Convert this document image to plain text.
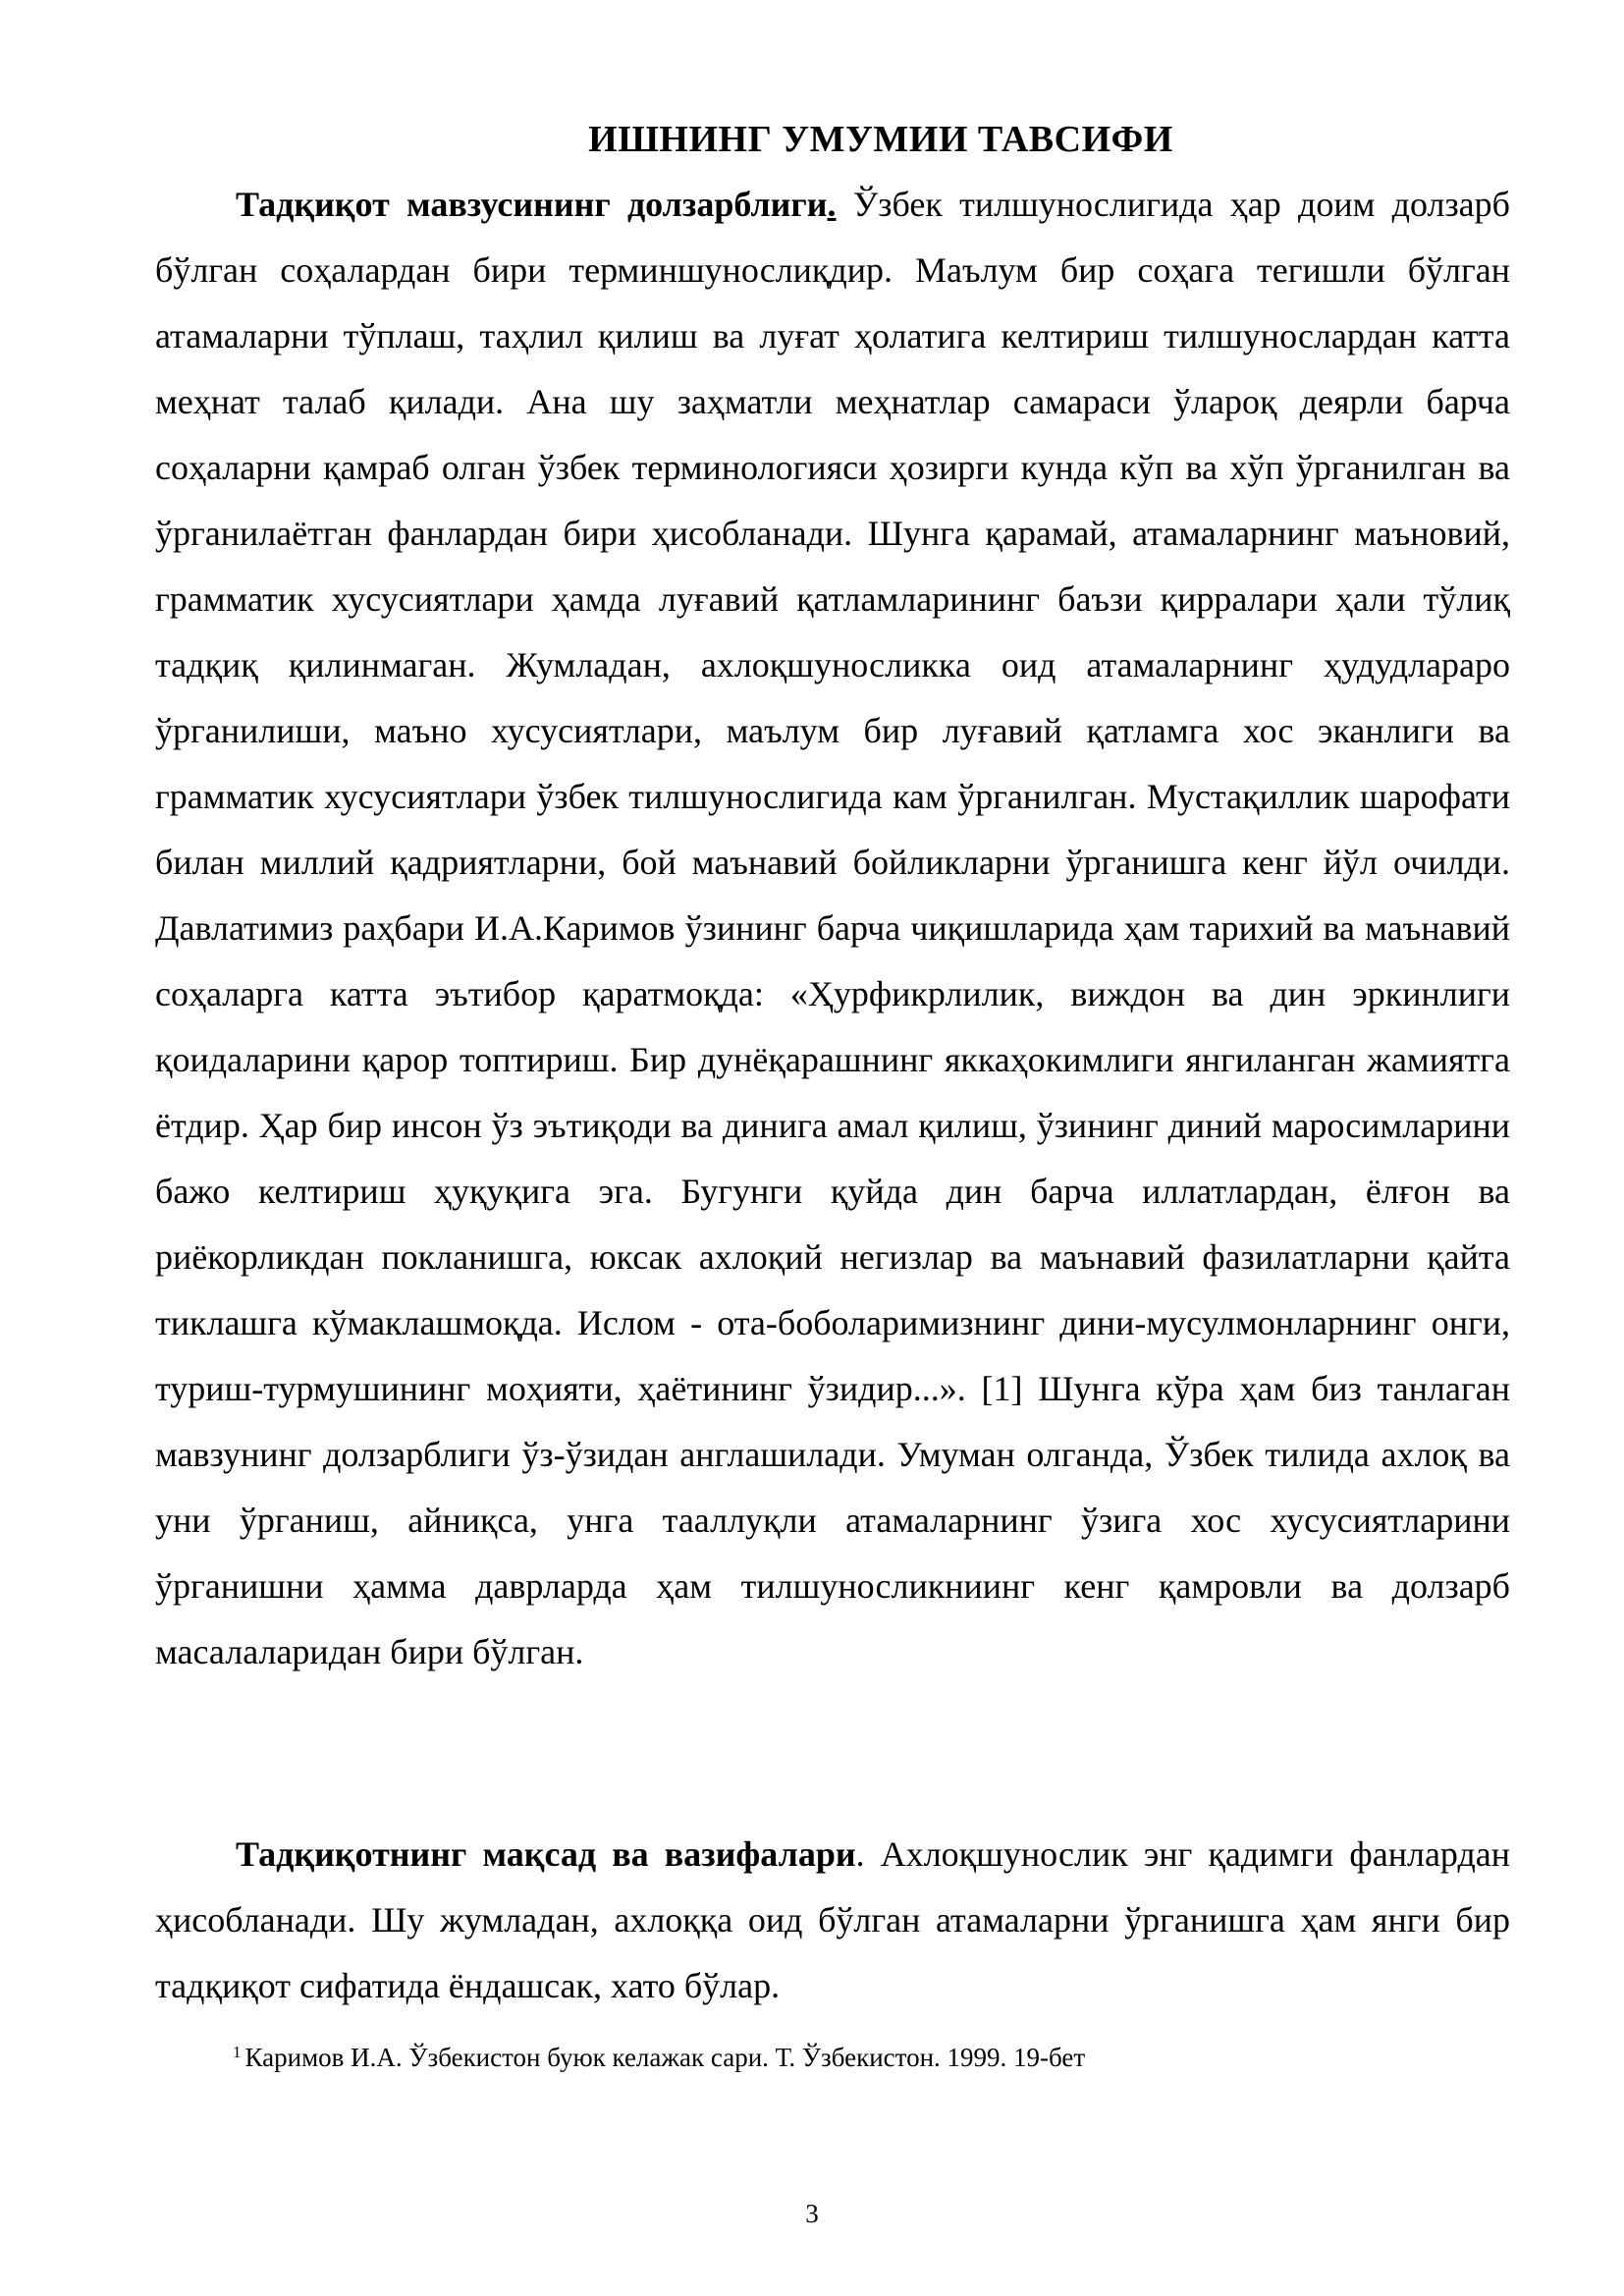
ИШНИНГ УМУМИИ ТАВСИФИ
Тадқиқот мавзусининг долзарблиги. Ўзбек тилшунослигида ҳар доим долзарб бўлган соҳалардан бири терминшунослиқдир. Маълум бир соҳага тегишли бўлган атамаларни тўплаш, таҳлил қилиш ва луғат ҳолатига келтириш тилшунослардан катта меҳнат талаб қилади. Ана шу заҳматли меҳнатлар самараси ўлароқ деярли барча соҳаларни қамраб олган ўзбек терминологияси ҳозирги кунда кўп ва хўп ўрганилган ва ўрганилаётган фанлардан бири ҳисобланади. Шунга қарамай, атамаларнинг маъновий, грамматик хусусиятлари ҳамда луғавий қатламларининг баъзи қирралари ҳали тўлиқ тадқиқ қилинмаган. Жумладан, ахлоқшуносликка оид атамаларнинг ҳудудлараро ўрганилиши, маъно хусусиятлари, маълум бир луғавий қатламга хос эканлиги ва грамматик хусусиятлари ўзбек тилшунослигида кам ўрганилган. Мустақиллик шарофати билан миллий қадриятларни, бой маънавий бойликларни ўрганишга кенг йўл очилди. Давлатимиз раҳбари И.А.Каримов ўзининг барча чиқишларида ҳам тарихий ва маънавий соҳаларга катта эътибор қаратмоқда: «Ҳурфикрлилик, виждон ва дин эркинлиги қоидаларини қарор топтириш. Бир дунёқарашнинг яккаҳокимлиги янгиланган жамиятга ётдир. Ҳар бир инсон ўз эътиқоди ва динига амал қилиш, ўзининг диний маросимларини бажо келтириш ҳуқуқига эга. Бугунги қуйда дин барча иллатлардан, ёлғон ва риёкорликдан покланишга, юксак ахлоқий негизлар ва маънавий фазилатларни қайта тиклашга кўмаклашмоқда. Ислом - ота-боболаримизнинг дини-мусулмонларнинг онги, туриш-турмушининг моҳияти, ҳаётининг ўзидир...». [1] Шунга кўра ҳам биз танлаган мавзунинг долзарблиги ўз-ўзидан англашилади. Умуман олганда, Ўзбек тилида ахлоқ ва уни ўрганиш, айниқса, унга тааллуқли атамаларнинг ўзига хос хусусиятларини ўрганишни ҳамма даврларда ҳам тилшуносликниинг кенг қамровли ва долзарб масалаларидан бири бўлган.
Тадқиқотнинг мақсад ва вазифалари. Ахлоқшунослик энг қадимги фанлардан ҳисобланади. Шу жумладан, ахлоққа оид бўлган атамаларни ўрганишга ҳам янги бир тадқиқот сифатида ёндашсак, хато бўлар.
$^1$ Каримов И.А. Ўзбекистон буюк келажак сари. Т. Ўзбекистон. 1999. 19-бет
3
